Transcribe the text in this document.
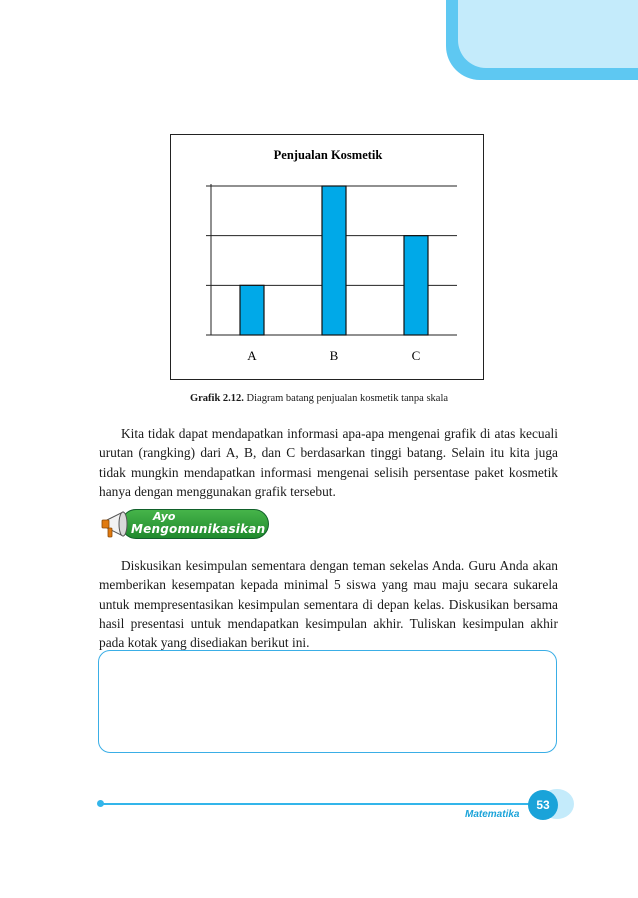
Penjualan Kosmetik
A	B	C
Grafik 2.12. Diagram batang penjualan kosmetik tanpa skala

Kita tidak dapat mendapatkan informasi apa-apa mengenai grafik di atas kecuali urutan (rangking) dari A, B, dan C berdasarkan tinggi batang. Selain itu kita juga tidak mungkin mendapatkan informasi mengenai selisih persentase paket kosmetik hanya dengan menggunakan grafik tersebut.

Ayo
Mengomunikasikan

Diskusikan kesimpulan sementara dengan teman sekelas Anda. Guru Anda akan memberikan kesempatan kepada minimal 5 siswa yang mau maju secara sukarela untuk mempresentasikan kesimpulan sementara di depan kelas. Diskusikan bersama hasil presentasi untuk mendapatkan kesimpulan akhir. Tuliskan kesimpulan akhir pada kotak yang disediakan berikut ini.

Matematika
53
